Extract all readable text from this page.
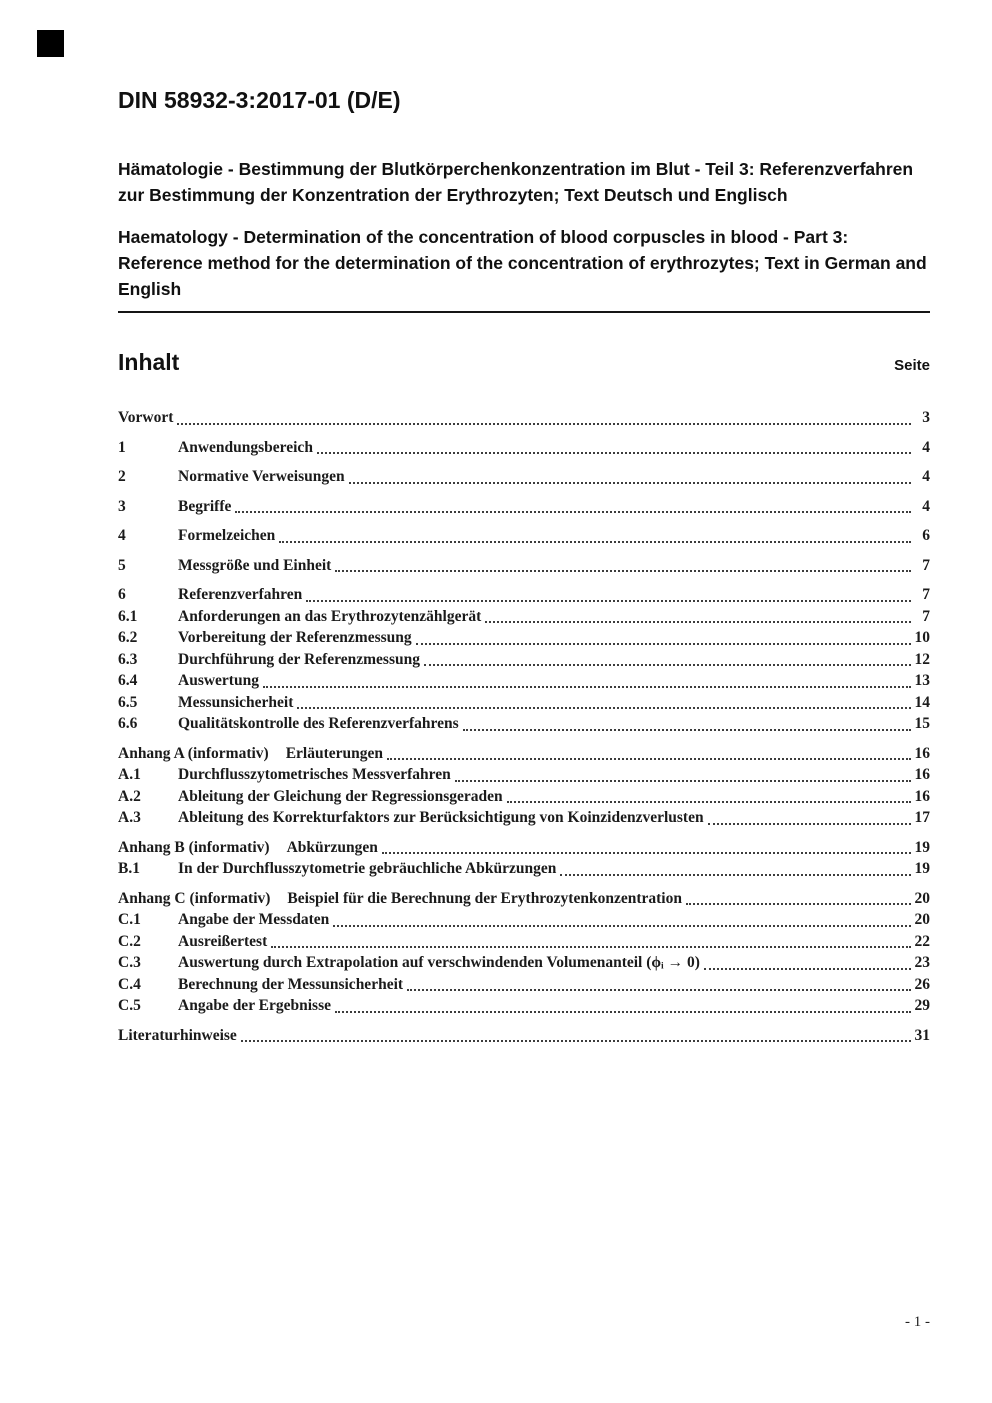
DIN 58932-3:2017-01 (D/E)

Hämatologie - Bestimmung der Blutkörperchenkonzentration im Blut - Teil 3: Referenzverfahren zur Bestimmung der Konzentration der Erythrozyten; Text Deutsch und Englisch

Haematology - Determination of the concentration of blood corpuscles in blood - Part 3: Reference method for the determination of the concentration of erythrozytes; Text in German and English

Inhalt	Seite
Vorwort	3
1	Anwendungsbereich	4
2	Normative Verweisungen	4
3	Begriffe	4
4	Formelzeichen	6
5	Messgröße und Einheit	7
6	Referenzverfahren	7
6.1	Anforderungen an das Erythrozytenzählgerät	7
6.2	Vorbereitung der Referenzmessung	10
6.3	Durchführung der Referenzmessung	12
6.4	Auswertung	13
6.5	Messunsicherheit	14
6.6	Qualitätskontrolle des Referenzverfahrens	15
Anhang A (informativ)	Erläuterungen	16
A.1	Durchflusszytometrisches Messverfahren	16
A.2	Ableitung der Gleichung der Regressionsgeraden	16
A.3	Ableitung des Korrekturfaktors zur Berücksichtigung von Koinzidenzverlusten	17
Anhang B (informativ)	Abkürzungen	19
B.1	In der Durchflusszytometrie gebräuchliche Abkürzungen	19
Anhang C (informativ)	Beispiel für die Berechnung der Erythrozytenkonzentration	20
C.1	Angabe der Messdaten	20
C.2	Ausreißertest	22
C.3	Auswertung durch Extrapolation auf verschwindenden Volumenanteil (ϕᵢ → 0)	23
C.4	Berechnung der Messunsicherheit	26
C.5	Angabe der Ergebnisse	29
Literaturhinweise	31
- 1 -
